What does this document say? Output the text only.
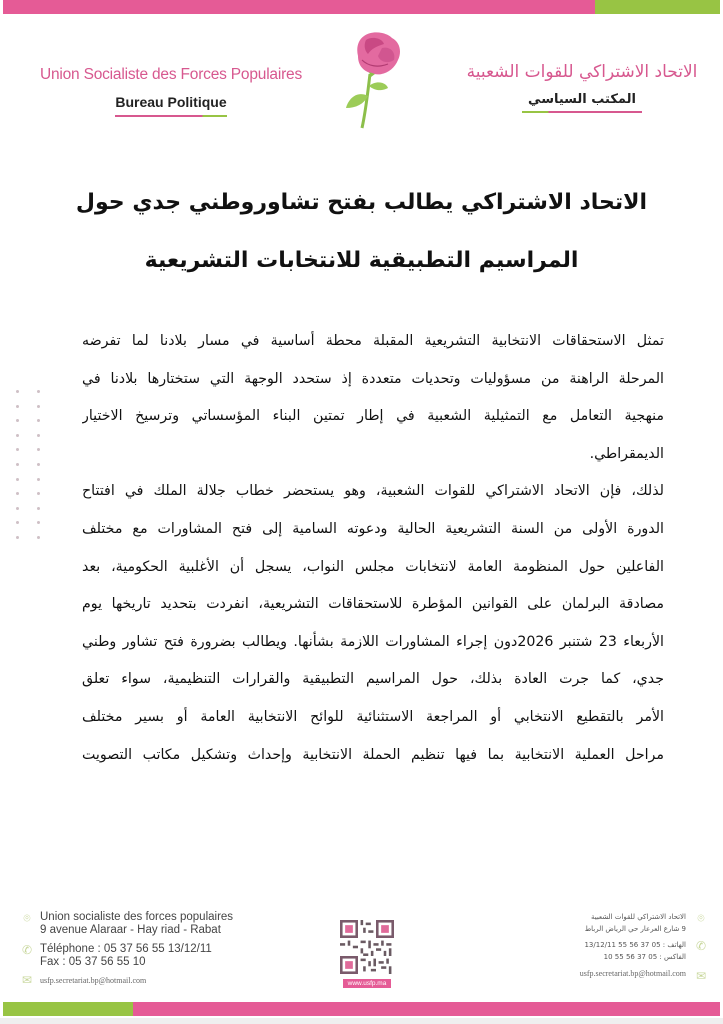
Union Socialiste des Forces Populaires
Bureau Politique
الاتحاد الاشتراكي للقوات الشعبية
المكتب السياسي
الاتحاد الاشتراكي يطالب بفتح تشاوروطني جدي حول
المراسيم التطبيقية للانتخابات التشريعية

تمثل الاستحقاقات الانتخابية التشريعية المقبلة محطة أساسية في مسار بلادنا لما تفرضه
المرحلة الراهنة من مسؤوليات وتحديات متعددة إذ ستحدد الوجهة التي ستختارها بلادنا في
منهجية التعامل مع التمثيلية الشعبية في إطار تمتين البناء المؤسساتي وترسيخ الاختيار
الديمقراطي.

لذلك، فإن الاتحاد الاشتراكي للقوات الشعبية، وهو يستحضر خطاب جلالة الملك في افتتاح
الدورة الأولى من السنة التشريعية الحالية ودعوته السامية إلى فتح المشاورات مع مختلف
الفاعلين حول المنظومة العامة لانتخابات مجلس النواب، يسجل أن الأغلبية الحكومية، بعد
مصادقة البرلمان على القوانين المؤطرة للاستحقاقات التشريعية، انفردت بتحديد تاريخها يوم
الأربعاء 23 شتنبر 2026دون إجراء المشاورات اللازمة بشأنها. ويطالب بضرورة فتح تشاور وطني
جدي، كما جرت العادة بذلك، حول المراسيم التطبيقية والقرارات التنظيمية، سواء تعلق
الأمر بالتقطيع الانتخابي أو المراجعة الاستثنائية للوائح الانتخابية العامة أو بسير مختلف
مراحل العملية الانتخابية بما فيها تنظيم الحملة الانتخابية وإحداث وتشكيل مكاتب التصويت

⌾ Union socialiste des forces populaires
9 avenue Alaraar - Hay riad - Rabat
✆ Téléphone : 05 37 56 55 13/12/11
Fax : 05 37 56 55 10
✉ usfp.secretariat.bp@hotmail.com	www.usfp.ma
⌾
الاتحاد الاشتراكي للقوات الشعبية
9 شارع العرعار حي الرياض الرباط
✆
الهاتف : 05 37 56 55 13/12/11
الفاكس : 05 37 56 55 10
✉
usfp.secretariat.bp@hotmail.com
